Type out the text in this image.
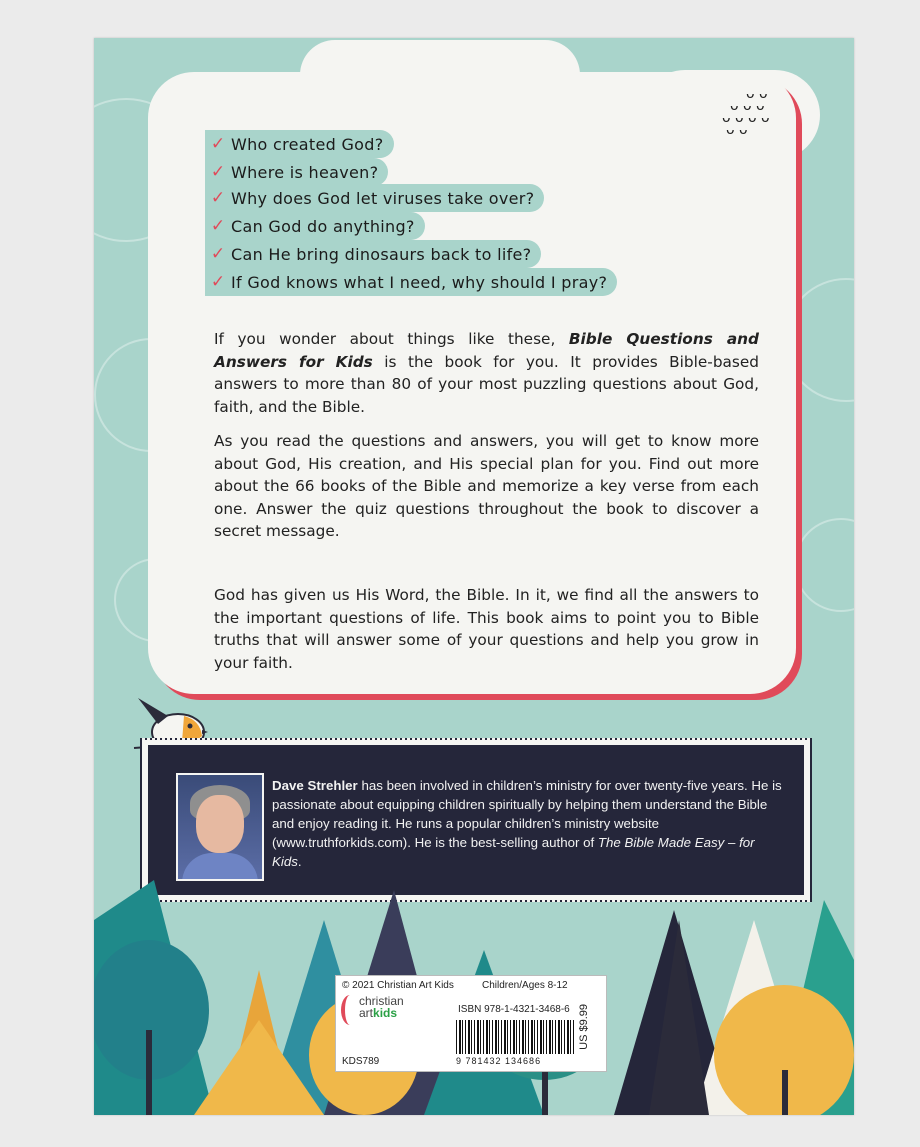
ᴗ ᴗ
ᴗ ᴗ ᴗ
ᴗ ᴗ ᴗ ᴗ
ᴗ ᴗ
✓ Who created God?
✓ Where is heaven?
✓ Why does God let viruses take over?
✓ Can God do anything?
✓ Can He bring dinosaurs back to life?
✓ If God knows what I need, why should I pray?

If you wonder about things like these, Bible Questions and Answers for Kids is the book for you. It provides Bible-based answers to more than 80 of your most puzzling questions about God, faith, and the Bible.

As you read the questions and answers, you will get to know more about God, His creation, and His special plan for you. Find out more about the 66 books of the Bible and memorize a key verse from each one. Answer the quiz questions throughout the book to discover a secret message.

God has given us His Word, the Bible. In it, we find all the answers to the important questions of life. This book aims to point you to Bible truths that will answer some of your questions and help you grow in your faith.

Dave Strehler has been involved in children’s ministry for over twenty-five years. He is passionate about equipping children spiritually by helping them understand the Bible and enjoy reading it. He runs a popular children’s ministry website (www.truthforkids.com). He is the best-selling author of The Bible Made Easy – for Kids.

© 2021 Christian Art Kids	Children/Ages 8-12
ISBN 978-1-4321-3468-6
9 781432 134686
KDS789
christian
artkids	US $9.99
